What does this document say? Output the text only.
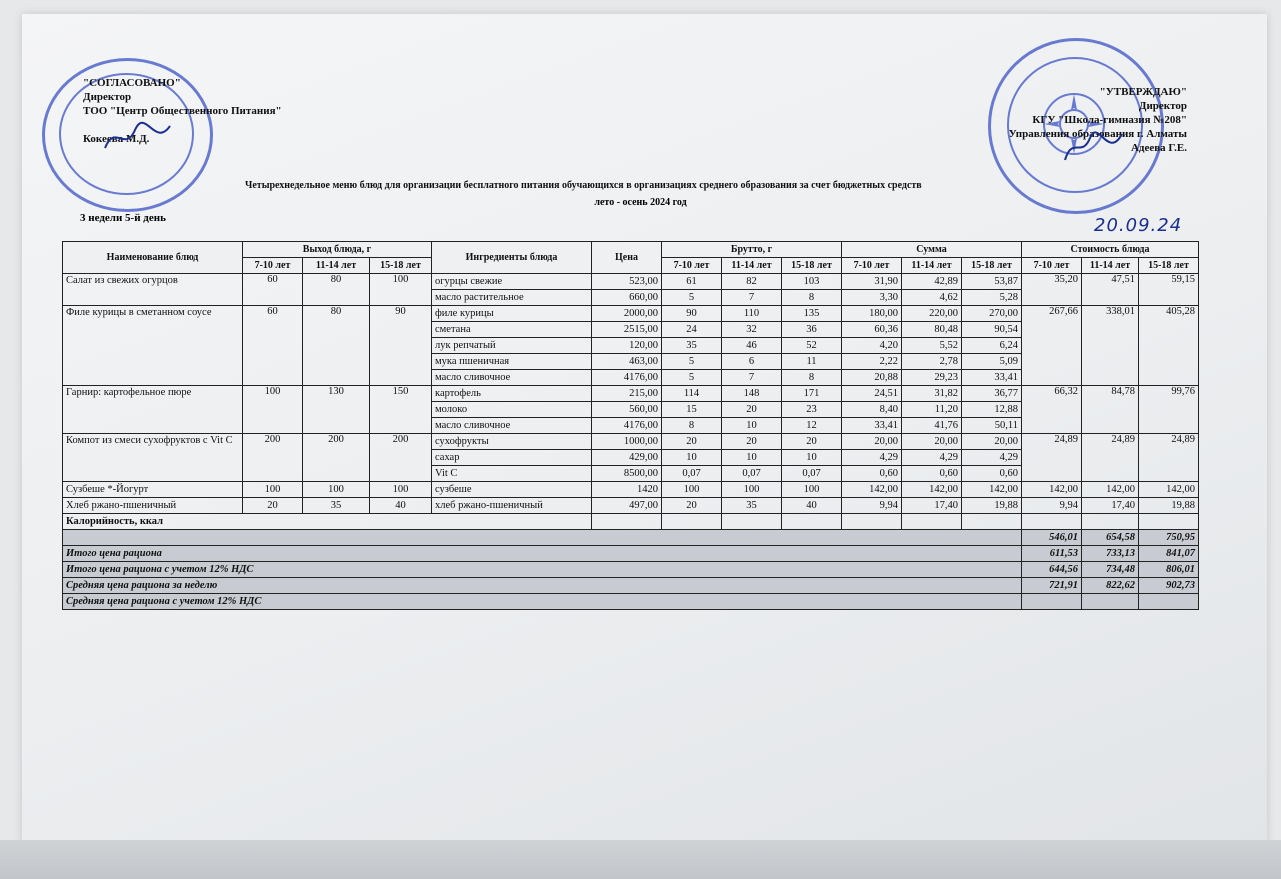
"СОГЛАСОВАНО"
Директор
ТОО "Центр Общественного Питания"
Кокеева М.Д.
"УТВЕРЖДАЮ"
Директор
КГУ "Школа-гимназия №208"
Управления образования г. Алматы
Адеева Г.Е.
Четырехнедельное меню блюд для организации бесплатного питания обучающихся в организациях среднего образования за счет бюджетных средств
лето - осень 2024 год
3 недели 5-й день	20.09.24
Наименование блюд	Выход блюда, г			Ингредиенты блюда	Цена	Брутто, г			Сумма			Стоимость блюда		
	7-10 лет	11-14 лет	15-18 лет			7-10 лет	11-14 лет	15-18 лет	7-10 лет	11-14 лет	15-18 лет	7-10 лет	11-14 лет	15-18 лет
Салат из свежих огурцов	60	80	100	огурцы свежие	523,00	61	82	103	31,90	42,89	53,87	35,20	47,51	59,15
				масло растительное	660,00	5	7	8	3,30	4,62	5,28			
Филе курицы в сметанном соусе	60	80	90	филе курицы	2000,00	90	110	135	180,00	220,00	270,00	267,66	338,01	405,28
				сметана	2515,00	24	32	36	60,36	80,48	90,54			
				лук репчатый	120,00	35	46	52	4,20	5,52	6,24			
				мука пшеничная	463,00	5	6	11	2,22	2,78	5,09			
				масло сливочное	4176,00	5	7	8	20,88	29,23	33,41			
Гарнир: картофельное пюре	100	130	150	картофель	215,00	114	148	171	24,51	31,82	36,77	66,32	84,78	99,76
				молоко	560,00	15	20	23	8,40	11,20	12,88			
				масло сливочное	4176,00	8	10	12	33,41	41,76	50,11			
Компот из смеси сухофруктов с Vit C	200	200	200	сухофрукты	1000,00	20	20	20	20,00	20,00	20,00	24,89	24,89	24,89
				сахар	429,00	10	10	10	4,29	4,29	4,29			
				Vit C	8500,00	0,07	0,07	0,07	0,60	0,60	0,60			
Сузбеше *-Йогурт	100	100	100	сузбеше	1420	100	100	100	142,00	142,00	142,00	142,00	142,00	142,00
Хлеб ржано-пшеничный	20	35	40	хлеб ржано-пшеничный	497,00	20	35	40	9,94	17,40	19,88	9,94	17,40	19,88
Калорийность, ккал														
												546,01	654,58	750,95
Итого цена рациона												611,53	733,13	841,07
Итого цена рациона с учетом 12% НДС												644,56	734,48	806,01
Средняя цена рациона за неделю												721,91	822,62	902,73
Средняя цена рациона с учетом 12% НДС														
